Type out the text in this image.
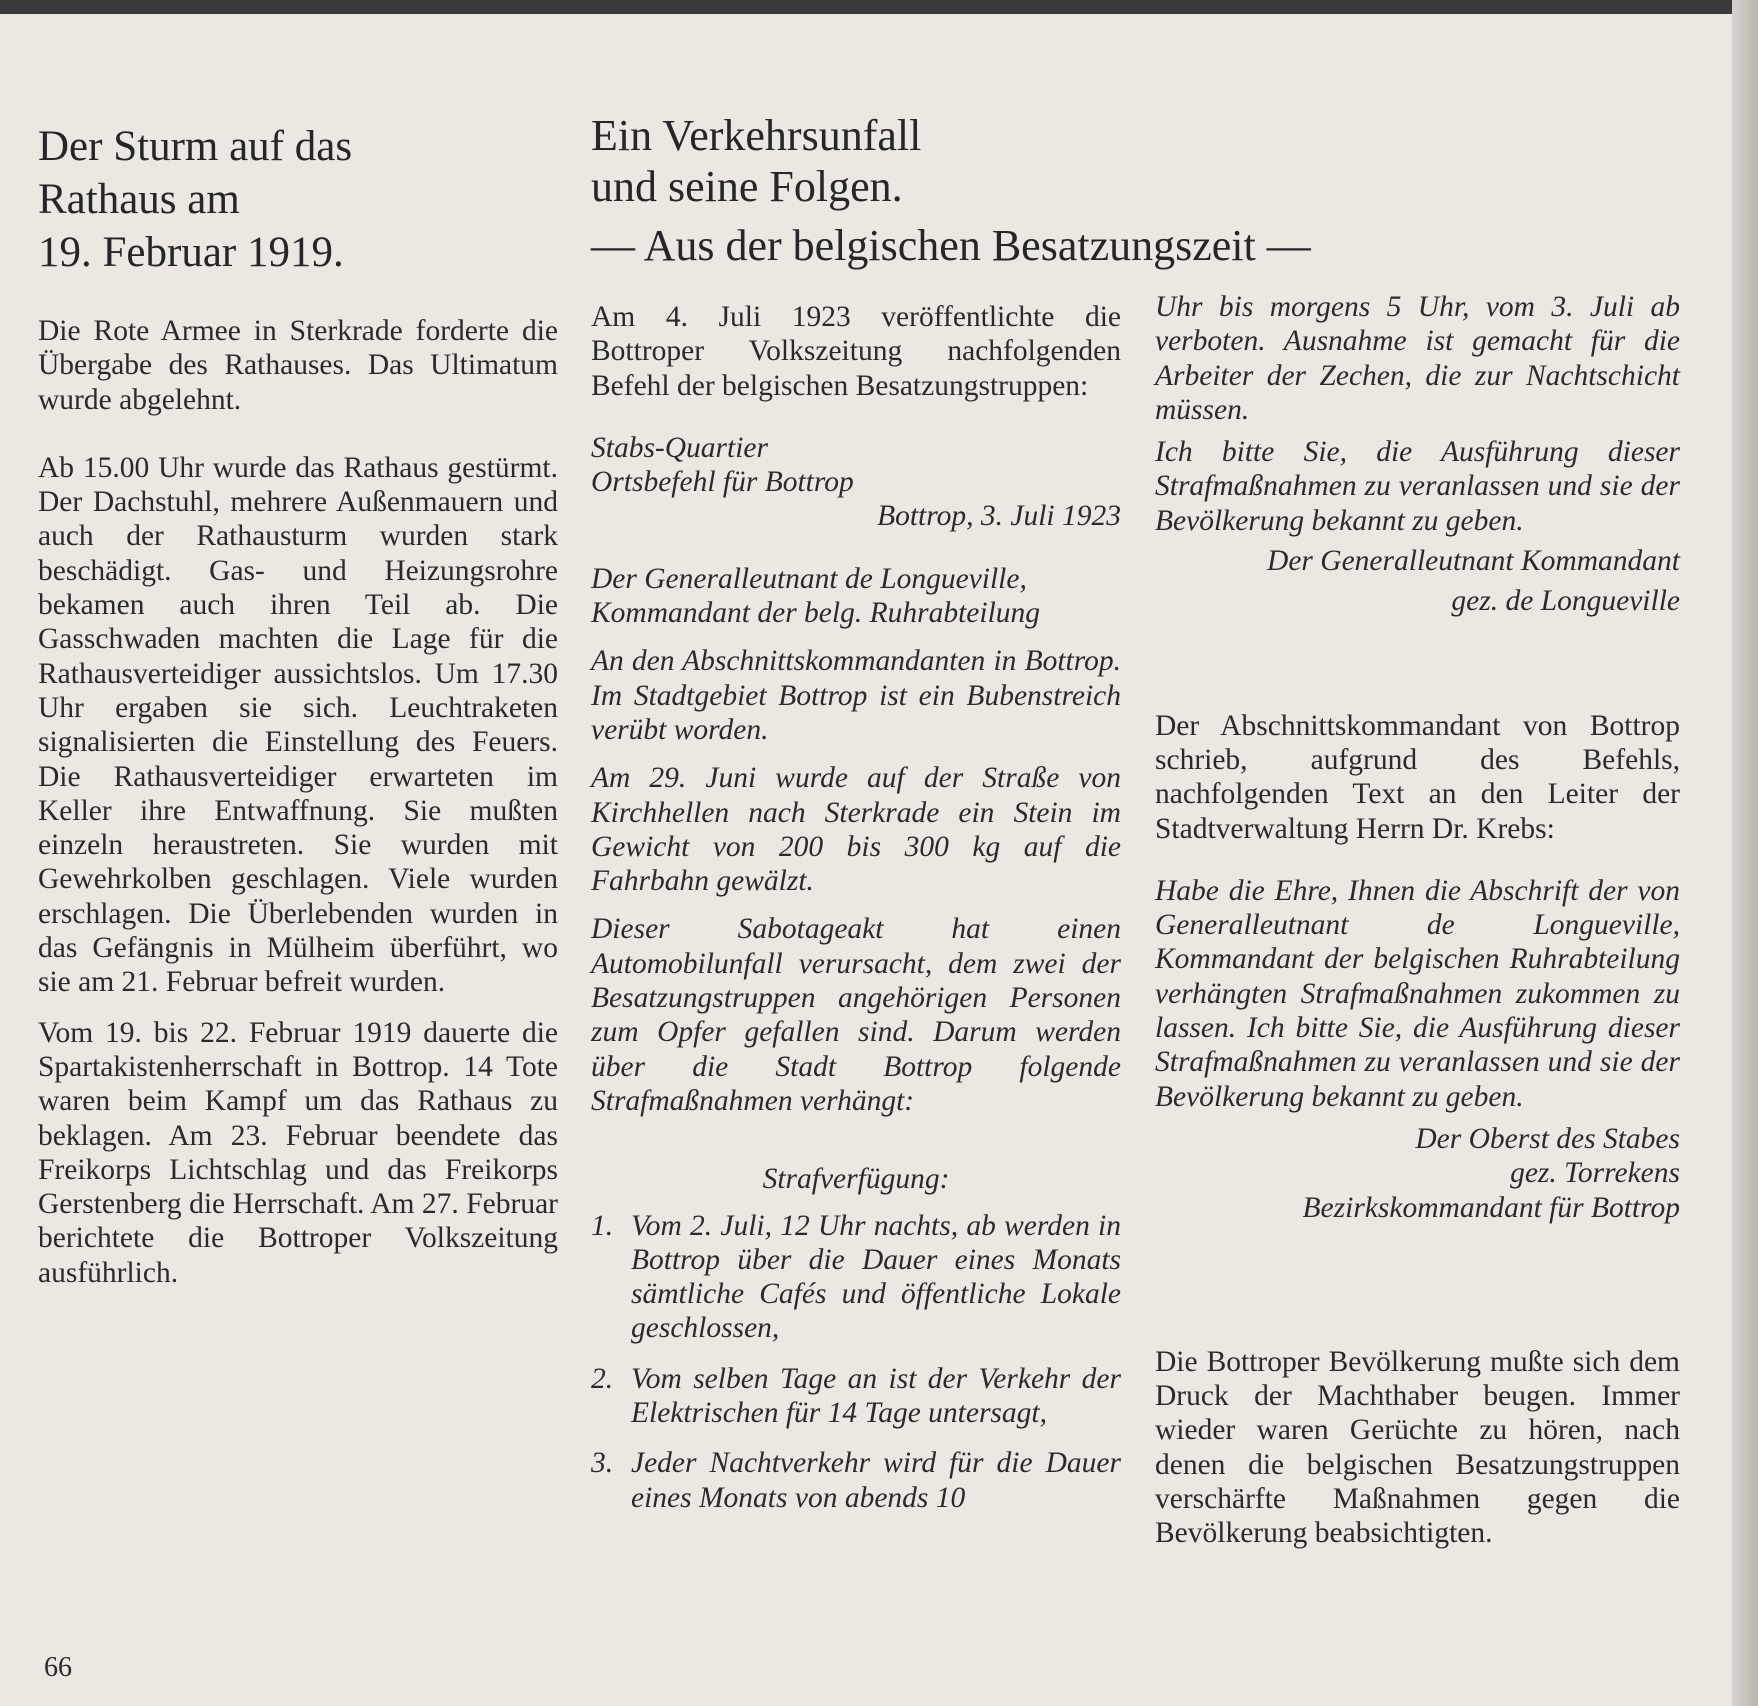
Der Sturm auf das
Rathaus am
19. Februar 1919.

Die Rote Armee in Sterkrade forderte die Übergabe des Rathauses. Das Ultimatum wurde abgelehnt.

Ab 15.00 Uhr wurde das Rathaus gestürmt. Der Dachstuhl, mehrere Außenmauern und auch der Rathausturm wurden stark beschädigt. Gas- und Heizungsrohre bekamen auch ihren Teil ab. Die Gasschwaden machten die Lage für die Rathausverteidiger aussichtslos. Um 17.30 Uhr ergaben sie sich. Leuchtraketen signalisierten die Einstellung des Feuers. Die Rathausverteidiger erwarteten im Keller ihre Entwaffnung. Sie mußten einzeln heraustreten. Sie wurden mit Gewehrkolben geschlagen. Viele wurden erschlagen. Die Überlebenden wurden in das Gefängnis in Mülheim überführt, wo sie am 21. Februar befreit wurden.

Vom 19. bis 22. Februar 1919 dauerte die Spartakistenherrschaft in Bottrop. 14 Tote waren beim Kampf um das Rathaus zu beklagen. Am 23. Februar beendete das Freikorps Lichtschlag und das Freikorps Gerstenberg die Herrschaft. Am 27. Februar berichtete die Bottroper Volkszeitung ausführlich.

Ein Verkehrsunfall
und seine Folgen.
— Aus der belgischen Besatzungszeit —

Am 4. Juli 1923 veröffentlichte die Bottroper Volkszeitung nachfolgenden Befehl der belgischen Besatzungstruppen:

Stabs-Quartier
Ortsbefehl für Bottrop
Bottrop, 3. Juli 1923
Der Generalleutnant de Longueville,
Kommandant der belg. Ruhrabteilung

An den Abschnittskommandanten in Bottrop. Im Stadtgebiet Bottrop ist ein Bubenstreich verübt worden.

Am 29. Juni wurde auf der Straße von Kirchhellen nach Sterkrade ein Stein im Gewicht von 200 bis 300 kg auf die Fahrbahn gewälzt.

Dieser Sabotageakt hat einen Automobilunfall verursacht, dem zwei der Besatzungstruppen angehörigen Personen zum Opfer gefallen sind. Darum werden über die Stadt Bottrop folgende Strafmaßnahmen verhängt:

Strafverfügung:
1. Vom 2. Juli, 12 Uhr nachts, ab werden in Bottrop über die Dauer eines Monats sämtliche Cafés und öffentliche Lokale geschlossen,
2. Vom selben Tage an ist der Verkehr der Elektrischen für 14 Tage untersagt,
3. Jeder Nachtverkehr wird für die Dauer eines Monats von abends 10

Uhr bis morgens 5 Uhr, vom 3. Juli ab verboten. Ausnahme ist gemacht für die Arbeiter der Zechen, die zur Nachtschicht müssen.

Ich bitte Sie, die Ausführung dieser Strafmaßnahmen zu veranlassen und sie der Bevölkerung bekannt zu geben.

Der Generalleutnant Kommandant
gez. de Longueville

Der Abschnittskommandant von Bottrop schrieb, aufgrund des Befehls, nachfolgenden Text an den Leiter der Stadtverwaltung Herrn Dr. Krebs:

Habe die Ehre, Ihnen die Abschrift der von Generalleutnant de Longueville, Kommandant der belgischen Ruhrabteilung verhängten Strafmaßnahmen zukommen zu lassen. Ich bitte Sie, die Ausführung dieser Strafmaßnahmen zu veranlassen und sie der Bevölkerung bekannt zu geben.

Der Oberst des Stabes
gez. Torrekens
Bezirkskommandant für Bottrop

Die Bottroper Bevölkerung mußte sich dem Druck der Machthaber beugen. Immer wieder waren Gerüchte zu hören, nach denen die belgischen Besatzungstruppen verschärfte Maßnahmen gegen die Bevölkerung beabsichtigten.

66
